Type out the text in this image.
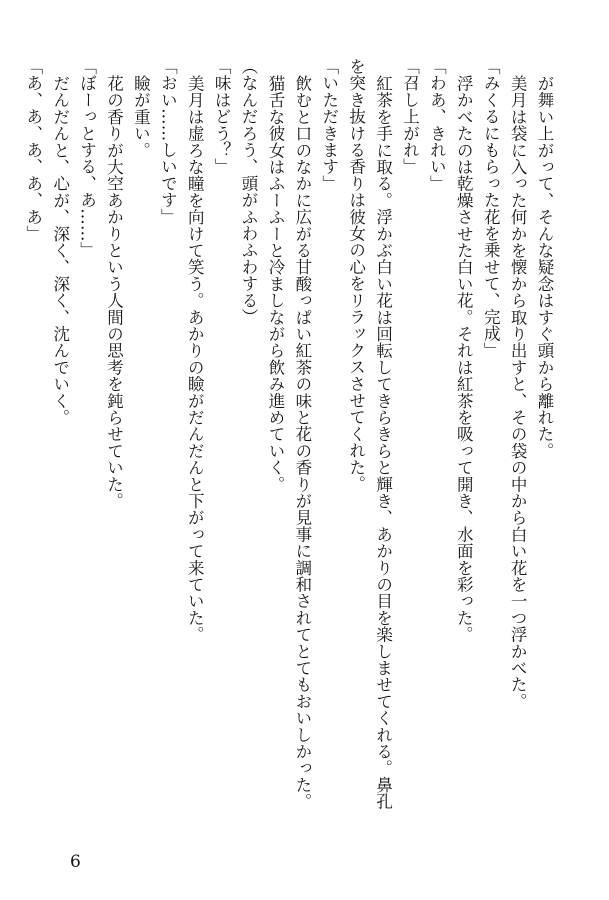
が舞い上がって、そんな疑念はすぐ頭から離れた。

美月は袋に入った何かを懐から取り出すと、その袋の中から白い花を一つ浮かべた。

「みくるにもらった花を乗せて、完成」

浮かべたのは乾燥させた白い花。それは紅茶を吸って開き、水面を彩った。

「わあ、きれい」

「召し上がれ」

紅茶を手に取る。浮かぶ白い花は回転してきらきらと輝き、あかりの目を楽しませてくれる。鼻孔

を突き抜ける香りは彼女の心をリラックスさせてくれた。

「いただきます」

飲むと口のなかに広がる甘酸っぱい紅茶の味と花の香りが見事に調和されてとてもおいしかった。

猫舌な彼女はふーふーと冷ましながら飲み進めていく。

（なんだろう、頭がふわふわする）

「味はどう？」

美月は虚ろな瞳を向けて笑う。あかりの瞼がだんだんと下がって来ていた。

「おい……しいです」

瞼が重い。

花の香りが大空あかりという人間の思考を鈍らせていた。

「ぼーっとする、あ……」

だんだんと、心が、深く、深く、沈んでいく。

「あ、あ、あ、あ、あ」

6
